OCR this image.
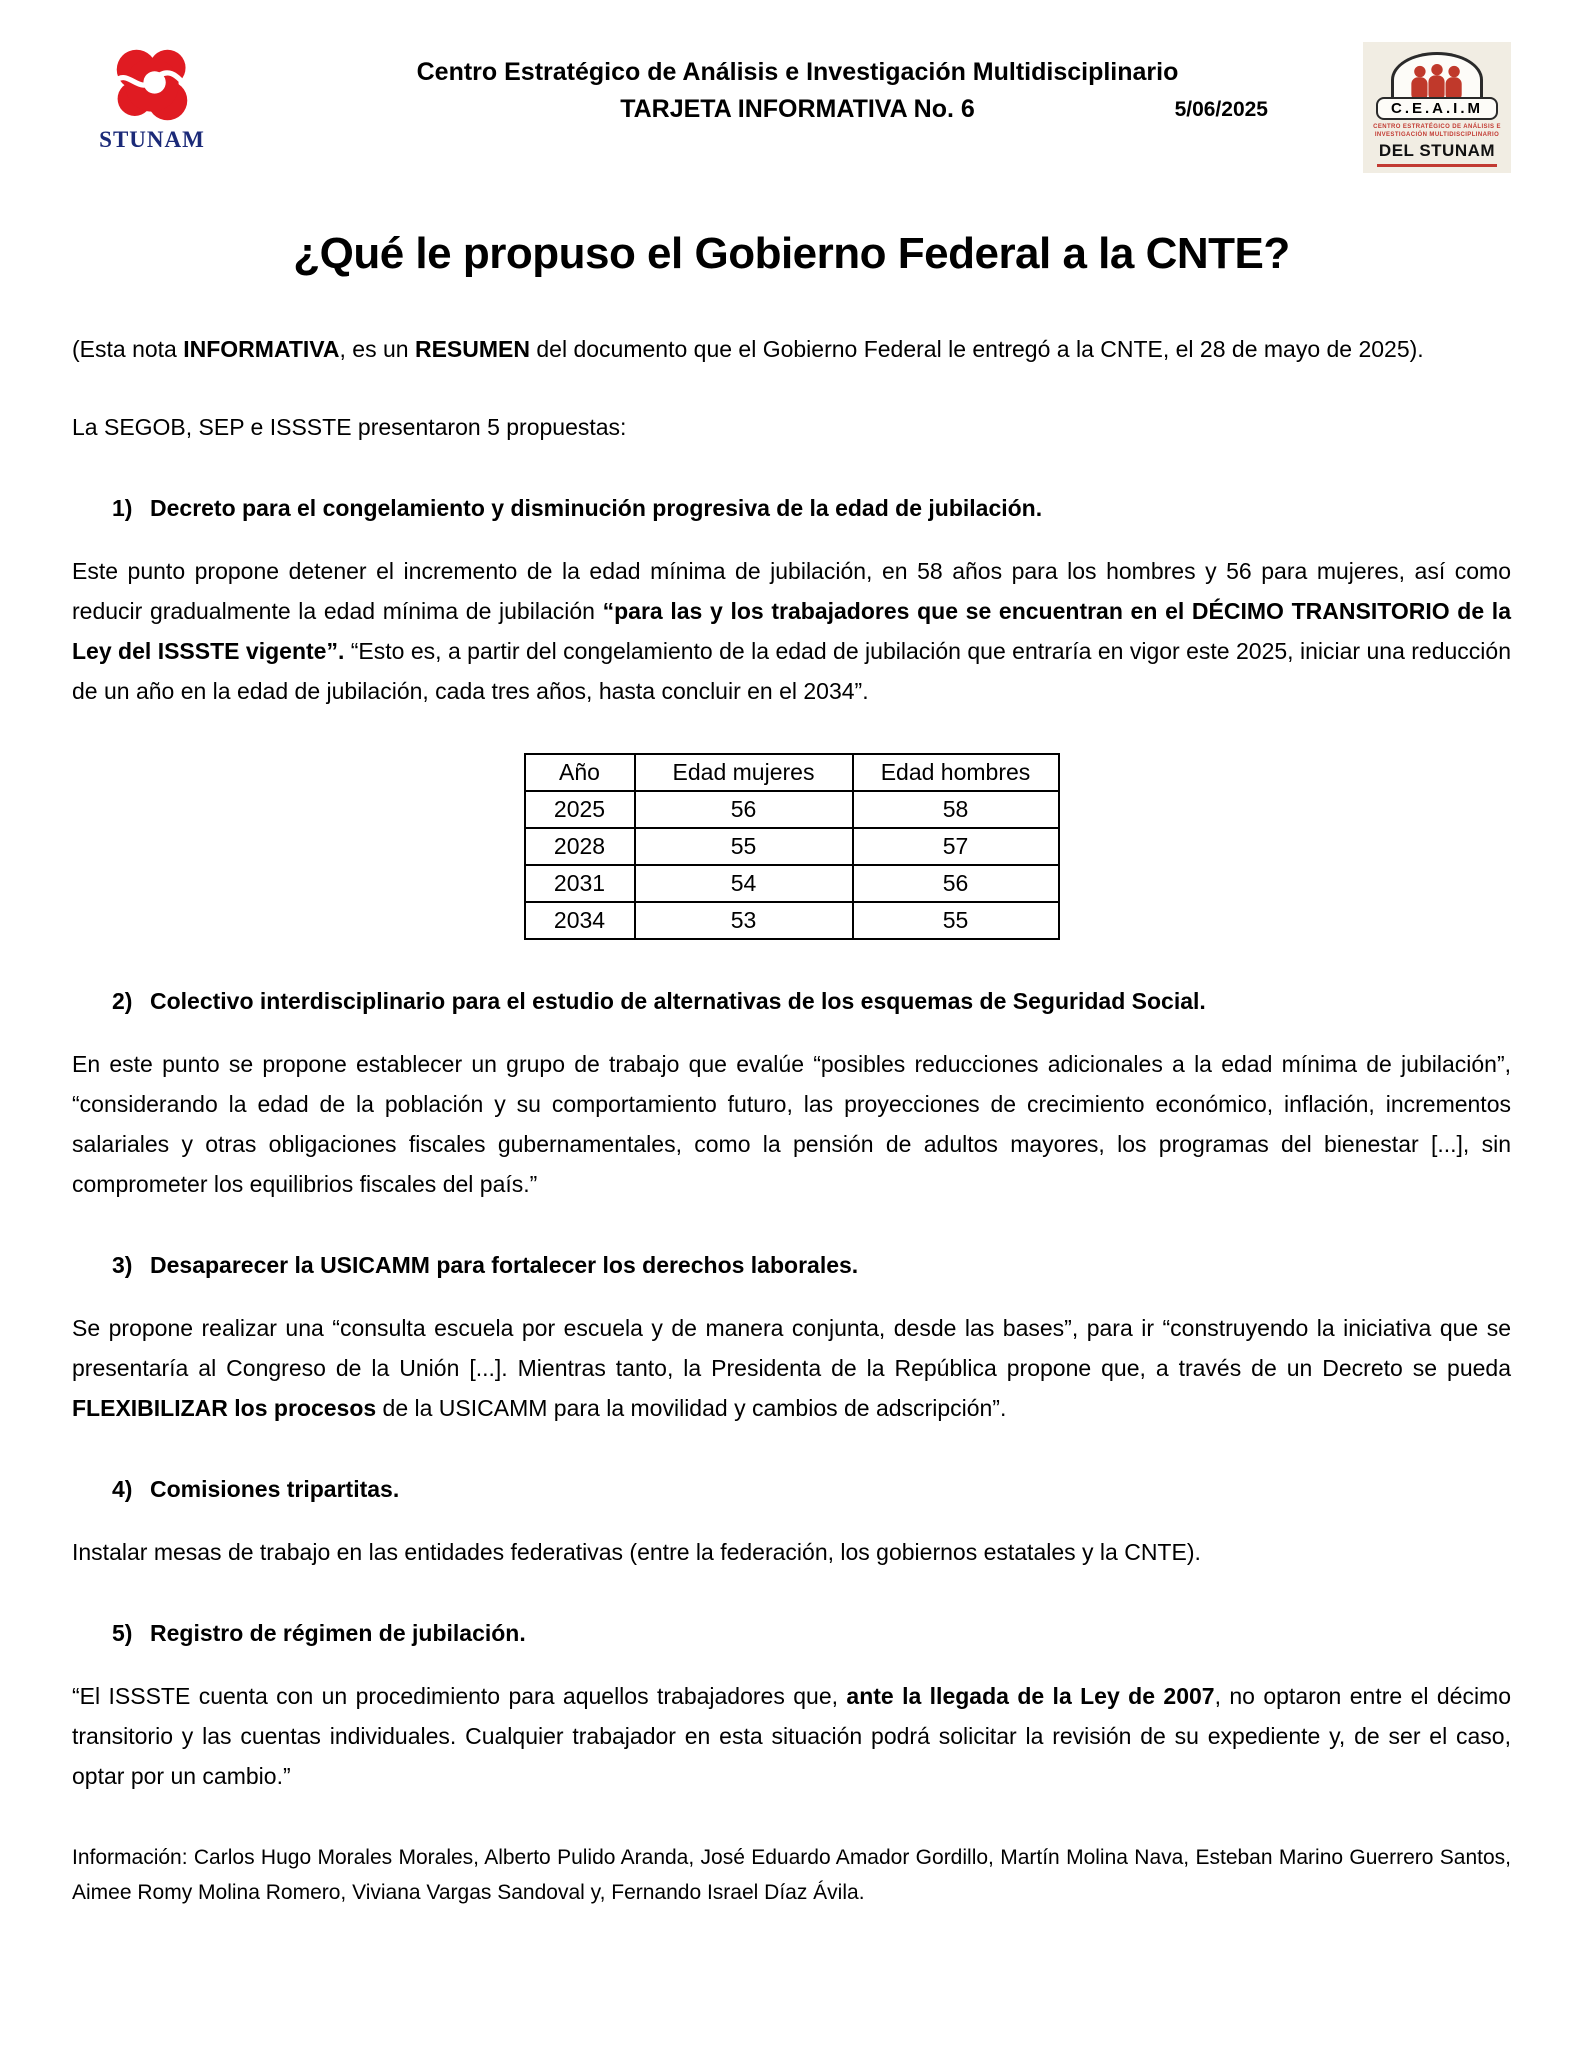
STUNAM
Centro Estratégico de Análisis e Investigación Multidisciplinario
TARJETA INFORMATIVA No. 6	5/06/2025	C.E.A.I.M
CENTRO ESTRATÉGICO DE ANÁLISIS E
INVESTIGACIÓN MULTIDISCIPLINARIO
DEL STUNAM
¿Qué le propuso el Gobierno Federal a la CNTE?

(Esta nota INFORMATIVA, es un RESUMEN del documento que el Gobierno Federal le entregó a la CNTE, el 28 de mayo de 2025).

La SEGOB, SEP e ISSSTE presentaron 5 propuestas:

1) Decreto para el congelamiento y disminución progresiva de la edad de jubilación.

Este punto propone detener el incremento de la edad mínima de jubilación, en 58 años para los hombres y 56 para mujeres, así como reducir gradualmente la edad mínima de jubilación “para las y los trabajadores que se encuentran en el DÉCIMO TRANSITORIO de la Ley del ISSSTE vigente”. “Esto es, a partir del congelamiento de la edad de jubilación que entraría en vigor este 2025, iniciar una reducción de un año en la edad de jubilación, cada tres años, hasta concluir en el 2034”.

Año	Edad mujeres	Edad hombres
2025	56	58
2028	55	57
2031	54	56
2034	53	55
2) Colectivo interdisciplinario para el estudio de alternativas de los esquemas de Seguridad Social.

En este punto se propone establecer un grupo de trabajo que evalúe “posibles reducciones adicionales a la edad mínima de jubilación”, “considerando la edad de la población y su comportamiento futuro, las proyecciones de crecimiento económico, inflación, incrementos salariales y otras obligaciones fiscales gubernamentales, como la pensión de adultos mayores, los programas del bienestar [...], sin comprometer los equilibrios fiscales del país.”

3) Desaparecer la USICAMM para fortalecer los derechos laborales.

Se propone realizar una “consulta escuela por escuela y de manera conjunta, desde las bases”, para ir “construyendo la iniciativa que se presentaría al Congreso de la Unión [...]. Mientras tanto, la Presidenta de la República propone que, a través de un Decreto se pueda FLEXIBILIZAR los procesos de la USICAMM para la movilidad y cambios de adscripción”.

4) Comisiones tripartitas.

Instalar mesas de trabajo en las entidades federativas (entre la federación, los gobiernos estatales y la CNTE).

5) Registro de régimen de jubilación.

“El ISSSTE cuenta con un procedimiento para aquellos trabajadores que, ante la llegada de la Ley de 2007, no optaron entre el décimo transitorio y las cuentas individuales. Cualquier trabajador en esta situación podrá solicitar la revisión de su expediente y, de ser el caso, optar por un cambio.”

Información: Carlos Hugo Morales Morales, Alberto Pulido Aranda, José Eduardo Amador Gordillo, Martín Molina Nava, Esteban Marino Guerrero Santos, Aimee Romy Molina Romero, Viviana Vargas Sandoval y, Fernando Israel Díaz Ávila.
